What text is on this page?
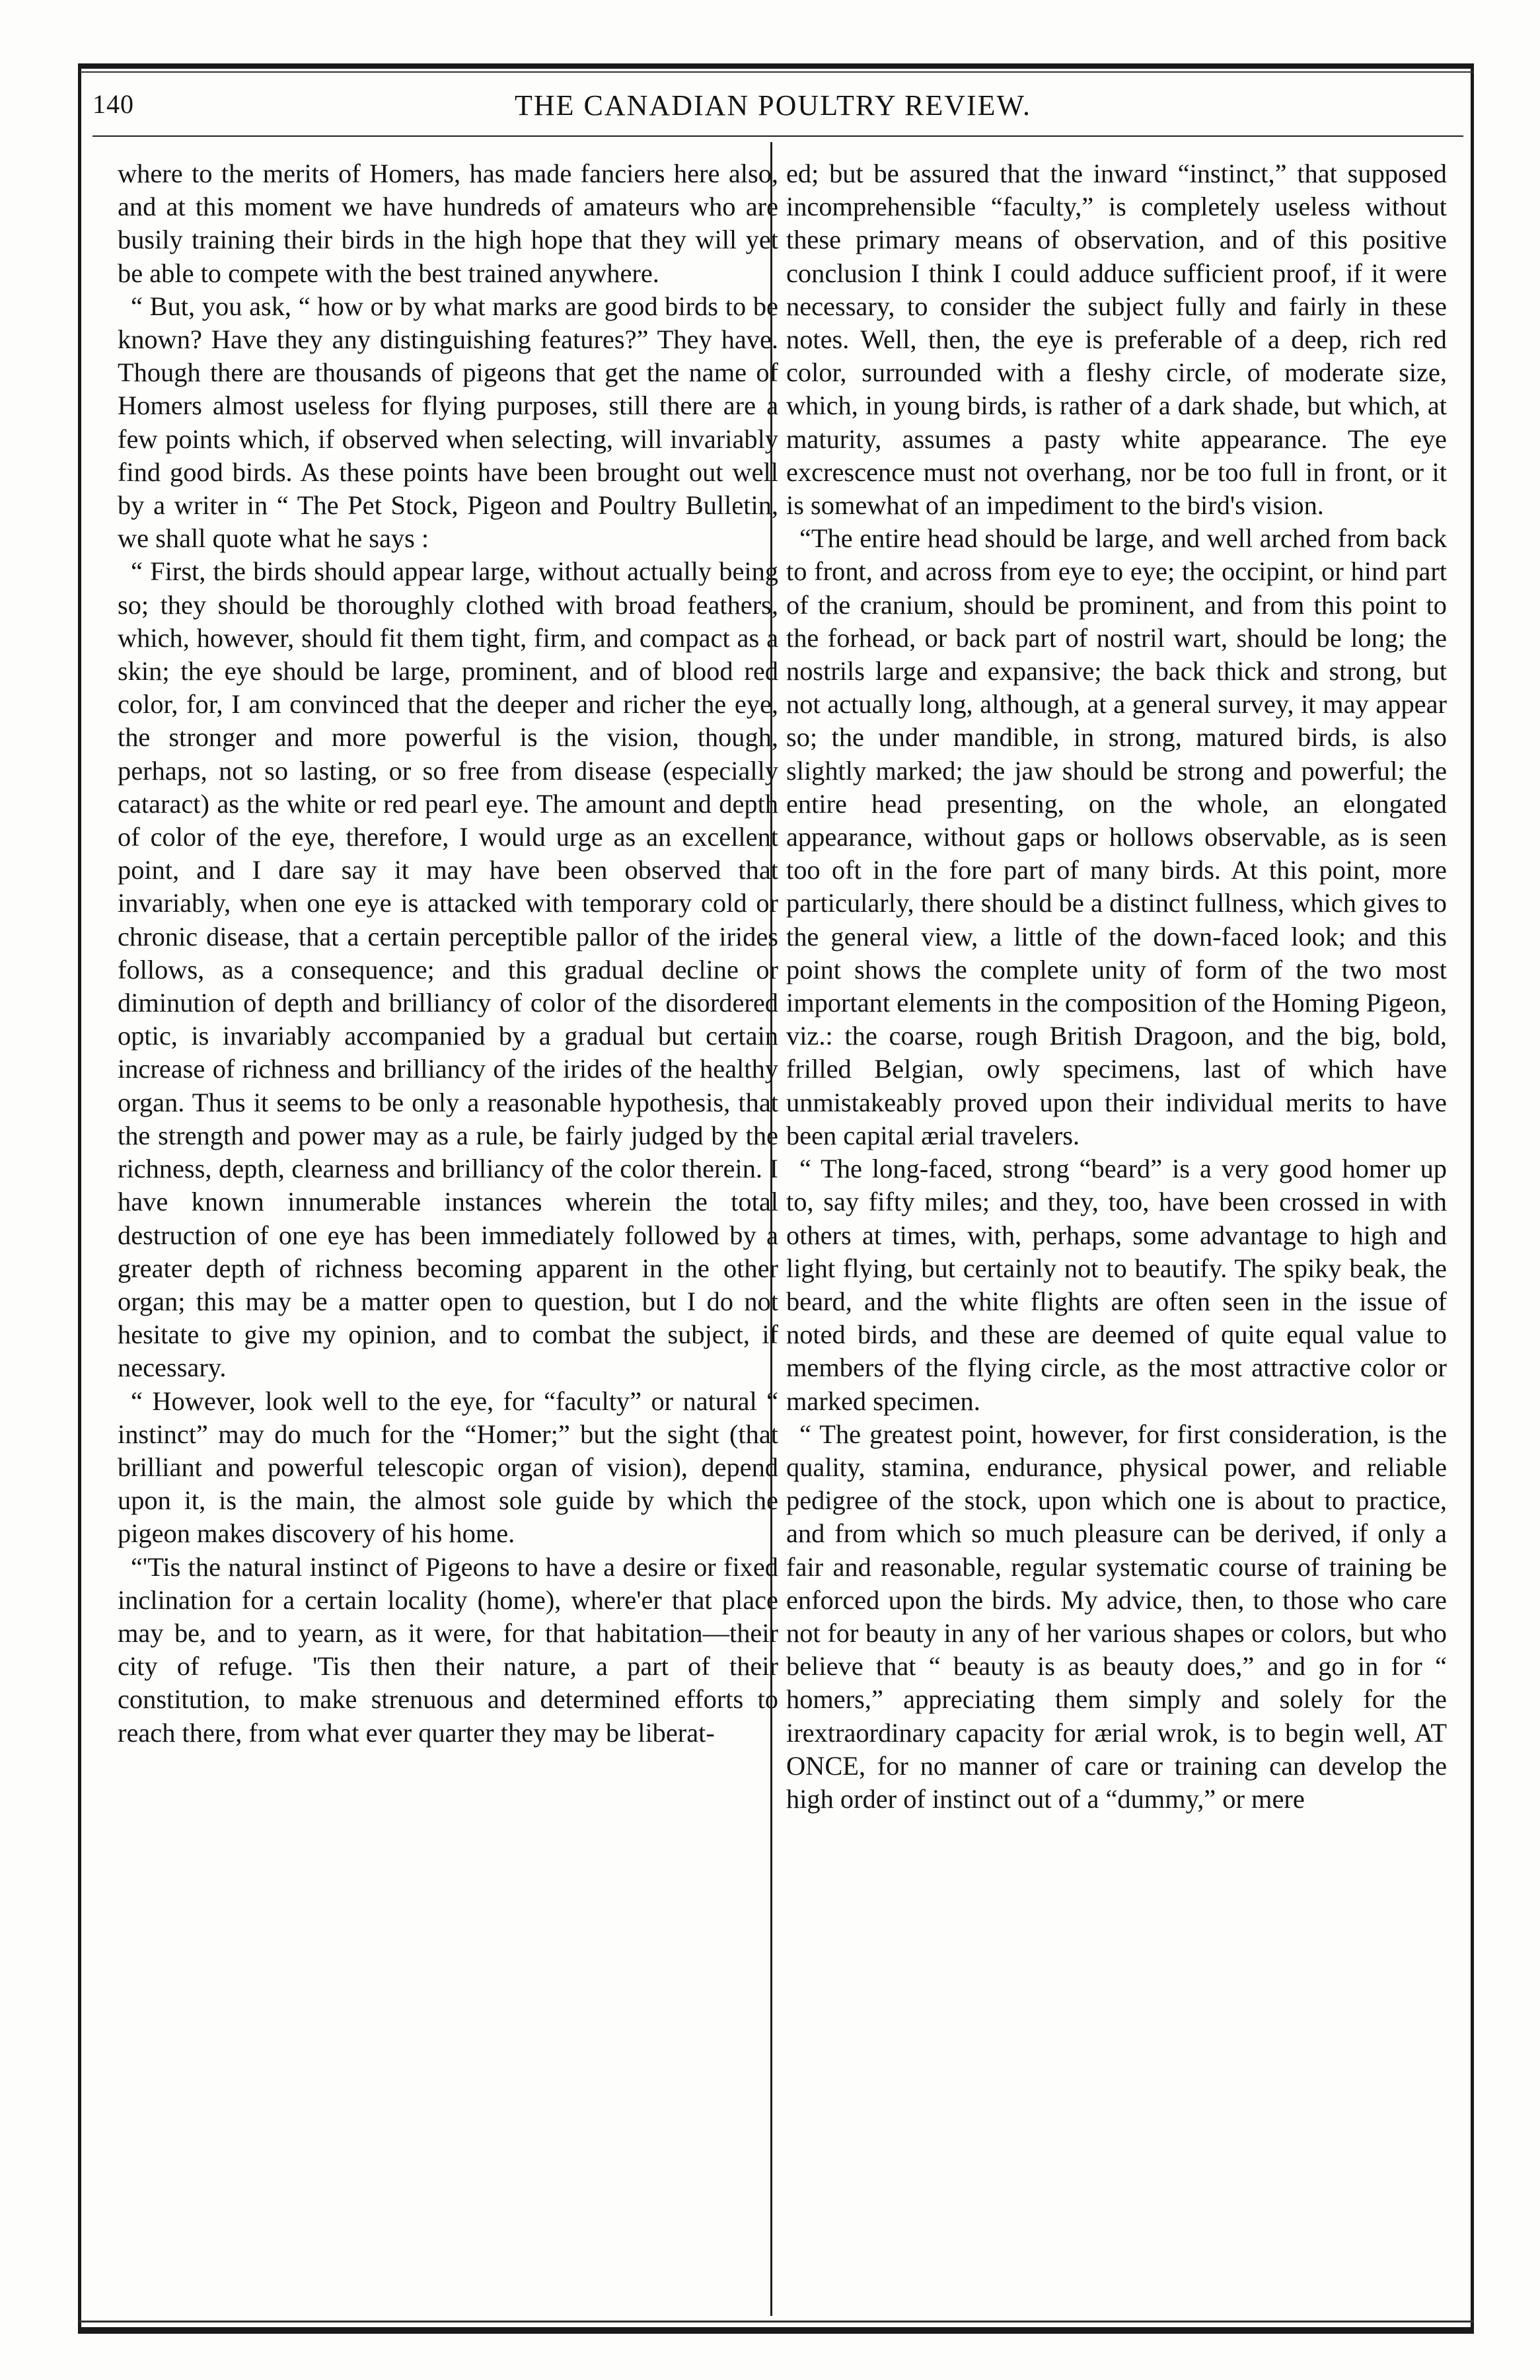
140	THE CANADIAN POULTRY REVIEW.

where to the merits of Homers, has made fanciers here also, and at this moment we have hundreds of amateurs who are busily training their birds in the high hope that they will yet be able to compete with the best trained anywhere.

“ But, you ask, “ how or by what marks are good birds to be known? Have they any distinguishing features?” They have. Though there are thousands of pigeons that get the name of Homers almost useless for flying purposes, still there are a few points which, if observed when selecting, will invariably find good birds. As these points have been brought out well by a writer in “ The Pet Stock, Pigeon and Poultry Bulletin, we shall quote what he says :

“ First, the birds should appear large, without actually being so; they should be thoroughly clothed with broad feathers, which, however, should fit them tight, firm, and compact as a skin; the eye should be large, prominent, and of blood red color, for, I am convinced that the deeper and richer the eye, the stronger and more powerful is the vision, though, perhaps, not so lasting, or so free from disease (especially cataract) as the white or red pearl eye. The amount and depth of color of the eye, therefore, I would urge as an excellent point, and I dare say it may have been observed that invariably, when one eye is attacked with temporary cold or chronic disease, that a certain perceptible pallor of the irides follows, as a consequence; and this gradual decline or diminution of depth and brilliancy of color of the disordered optic, is invariably accompanied by a gradual but certain increase of richness and brilliancy of the irides of the healthy organ. Thus it seems to be only a reasonable hypothesis, that the strength and power may as a rule, be fairly judged by the richness, depth, clearness and brilliancy of the color therein. I have known innumerable instances wherein the total destruction of one eye has been immediately followed by a greater depth of richness becoming apparent in the other organ; this may be a matter open to question, but I do not hesitate to give my opinion, and to combat the subject, if necessary.

“ However, look well to the eye, for “faculty” or natural “ instinct” may do much for the “Homer;” but the sight (that brilliant and powerful telescopic organ of vision), depend upon it, is the main, the almost sole guide by which the pigeon makes discovery of his home.

“'Tis the natural instinct of Pigeons to have a desire or fixed inclination for a certain locality (home), where'er that place may be, and to yearn, as it were, for that habitation—their city of refuge. 'Tis then their nature, a part of their constitution, to make strenuous and determined efforts to reach there, from what ever quarter they may be liberat-

ed; but be assured that the inward “instinct,” that supposed incomprehensible “faculty,” is completely useless without these primary means of observation, and of this positive conclusion I think I could adduce sufficient proof, if it were necessary, to consider the subject fully and fairly in these notes. Well, then, the eye is preferable of a deep, rich red color, surrounded with a fleshy circle, of moderate size, which, in young birds, is rather of a dark shade, but which, at maturity, assumes a pasty white appearance. The eye excrescence must not overhang, nor be too full in front, or it is somewhat of an impediment to the bird's vision.

“The entire head should be large, and well arched from back to front, and across from eye to eye; the occipint, or hind part of the cranium, should be prominent, and from this point to the forhead, or back part of nostril wart, should be long; the nostrils large and expansive; the back thick and strong, but not actually long, although, at a general survey, it may appear so; the under mandible, in strong, matured birds, is also slightly marked; the jaw should be strong and powerful; the entire head presenting, on the whole, an elongated appearance, without gaps or hollows observable, as is seen too oft in the fore part of many birds. At this point, more particularly, there should be a distinct fullness, which gives to the general view, a little of the down-faced look; and this point shows the complete unity of form of the two most important elements in the composition of the Homing Pigeon, viz.: the coarse, rough British Dragoon, and the big, bold, frilled Belgian, owly specimens, last of which have unmistakeably proved upon their individual merits to have been capital ærial travelers.

“ The long-faced, strong “beard” is a very good homer up to, say fifty miles; and they, too, have been crossed in with others at times, with, perhaps, some advantage to high and light flying, but certainly not to beautify. The spiky beak, the beard, and the white flights are often seen in the issue of noted birds, and these are deemed of quite equal value to members of the flying circle, as the most attractive color or marked specimen.

“ The greatest point, however, for first consideration, is the quality, stamina, endurance, physical power, and reliable pedigree of the stock, upon which one is about to practice, and from which so much pleasure can be derived, if only a fair and reasonable, regular systematic course of training be enforced upon the birds. My advice, then, to those who care not for beauty in any of her various shapes or colors, but who believe that “ beauty is as beauty does,” and go in for “ homers,” appreciating them simply and solely for the irextraordinary capacity for ærial wrok, is to begin well, AT ONCE, for no manner of care or training can develop the high order of instinct out of a “dummy,” or mere
